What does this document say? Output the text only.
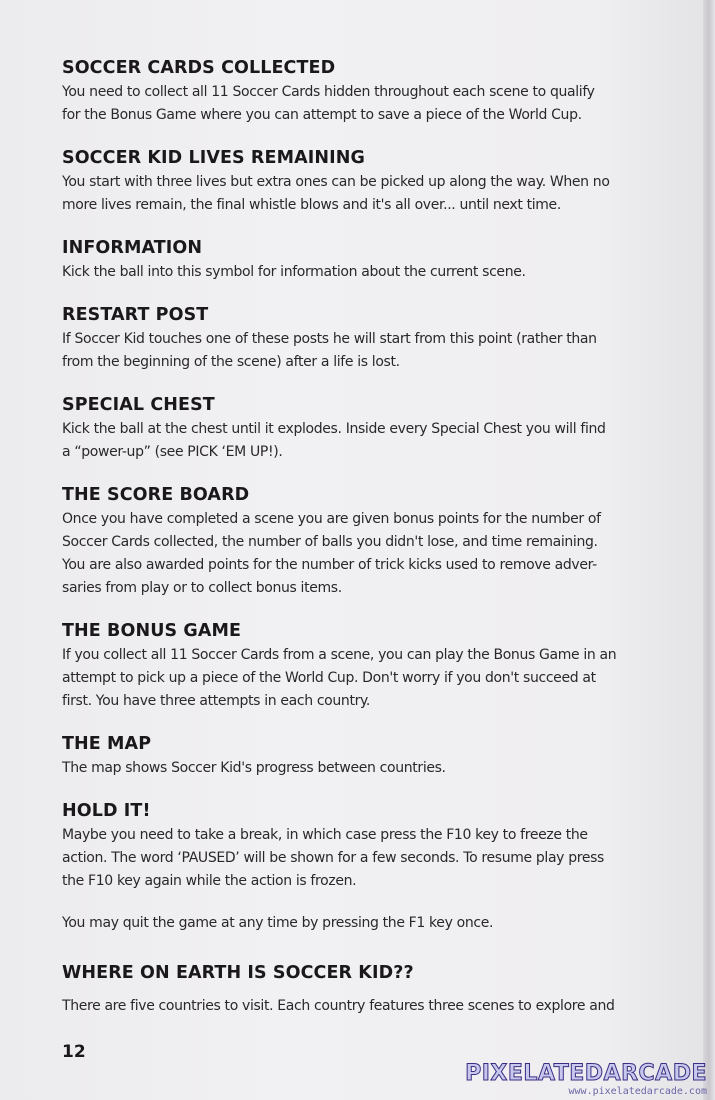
SOCCER CARDS COLLECTED

You need to collect all 11 Soccer Cards hidden throughout each scene to qualify
for the Bonus Game where you can attempt to save a piece of the World Cup.

SOCCER KID LIVES REMAINING

You start with three lives but extra ones can be picked up along the way. When no
more lives remain, the final whistle blows and it's all over... until next time.

INFORMATION

Kick the ball into this symbol for information about the current scene.

RESTART POST

If Soccer Kid touches one of these posts he will start from this point (rather than
from the beginning of the scene) after a life is lost.

SPECIAL CHEST

Kick the ball at the chest until it explodes. Inside every Special Chest you will find
a “power-up” (see PICK ‘EM UP!).

THE SCORE BOARD

Once you have completed a scene you are given bonus points for the number of
Soccer Cards collected, the number of balls you didn't lose, and time remaining.
You are also awarded points for the number of trick kicks used to remove adver-
saries from play or to collect bonus items.

THE BONUS GAME

If you collect all 11 Soccer Cards from a scene, you can play the Bonus Game in an
attempt to pick up a piece of the World Cup. Don't worry if you don't succeed at
first. You have three attempts in each country.

THE MAP

The map shows Soccer Kid's progress between countries.

HOLD IT!

Maybe you need to take a break, in which case press the F10 key to freeze the
action. The word ‘PAUSED’ will be shown for a few seconds. To resume play press
the F10 key again while the action is frozen.

You may quit the game at any time by pressing the F1 key once.

WHERE ON EARTH IS SOCCER KID??

There are five countries to visit. Each country features three scenes to explore and

12
PIXELATEDARCADE
www.pixelatedarcade.com
